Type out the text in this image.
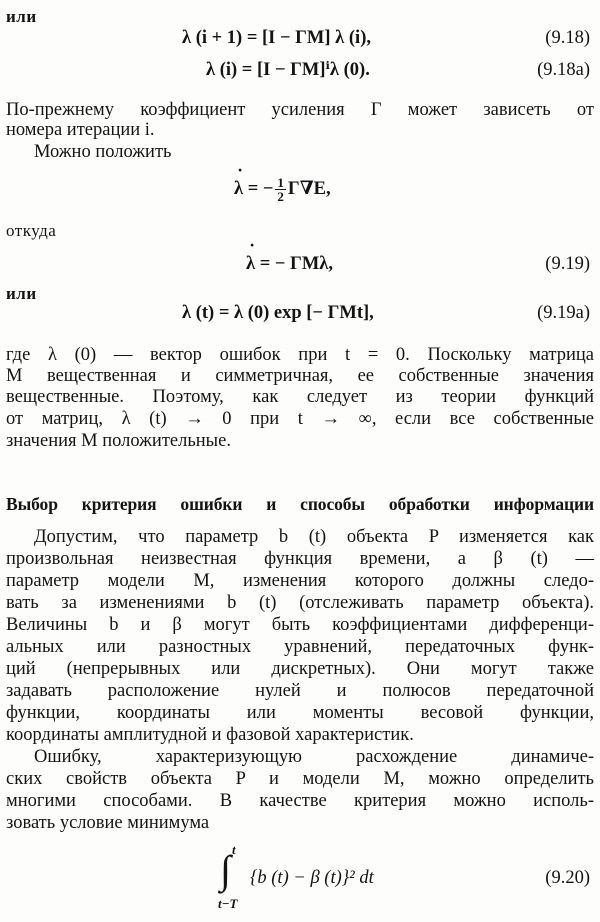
или
λ (i + 1) = [I − ΓM] λ (i),	(9.18)
λ (i) = [I − ΓM]ⁱλ (0).	(9.18a)
По-прежнему коэффициент усиления Γ может зависеть от
номера итерации i.
Можно положить
˙ λ = − $\frac{1}{2} \Gamma\nabla E$,
откуда
˙ λ = − ΓMλ,	(9.19)
или
λ (t) = λ (0) exp [− ΓMt],	(9.19a)
где λ (0) — вектор ошибок при t = 0. Поскольку матрица
M вещественная и симметричная, ее собственные значения
вещественные. Поэтому, как следует из теории функций
от матриц, λ (t) → 0 при t → ∞, если все собственные
значения M положительные.
Выбор критерия ошибки и способы обработки информации
Допустим, что параметр b (t) объекта P изменяется как
произвольная неизвестная функция времени, а β (t) —
параметр модели M, изменения которого должны следо-
вать за изменениями b (t) (отслеживать параметр объекта).
Величины b и β могут быть коэффициентами дифференци-
альных или разностных уравнений, передаточных функ-
ций (непрерывных или дискретных). Они могут также
задавать расположение нулей и полюсов передаточной
функции, координаты или моменты весовой функции,
координаты амплитудной и фазовой характеристик.
Ошибку, характеризующую расхождение динамиче-
ских свойств объекта P и модели M, можно определить
многими способами. В качестве критерия можно исполь-
зовать условие минимума
t
∫
t−T
{b (t) − β (t)}² dt	(9.20)
